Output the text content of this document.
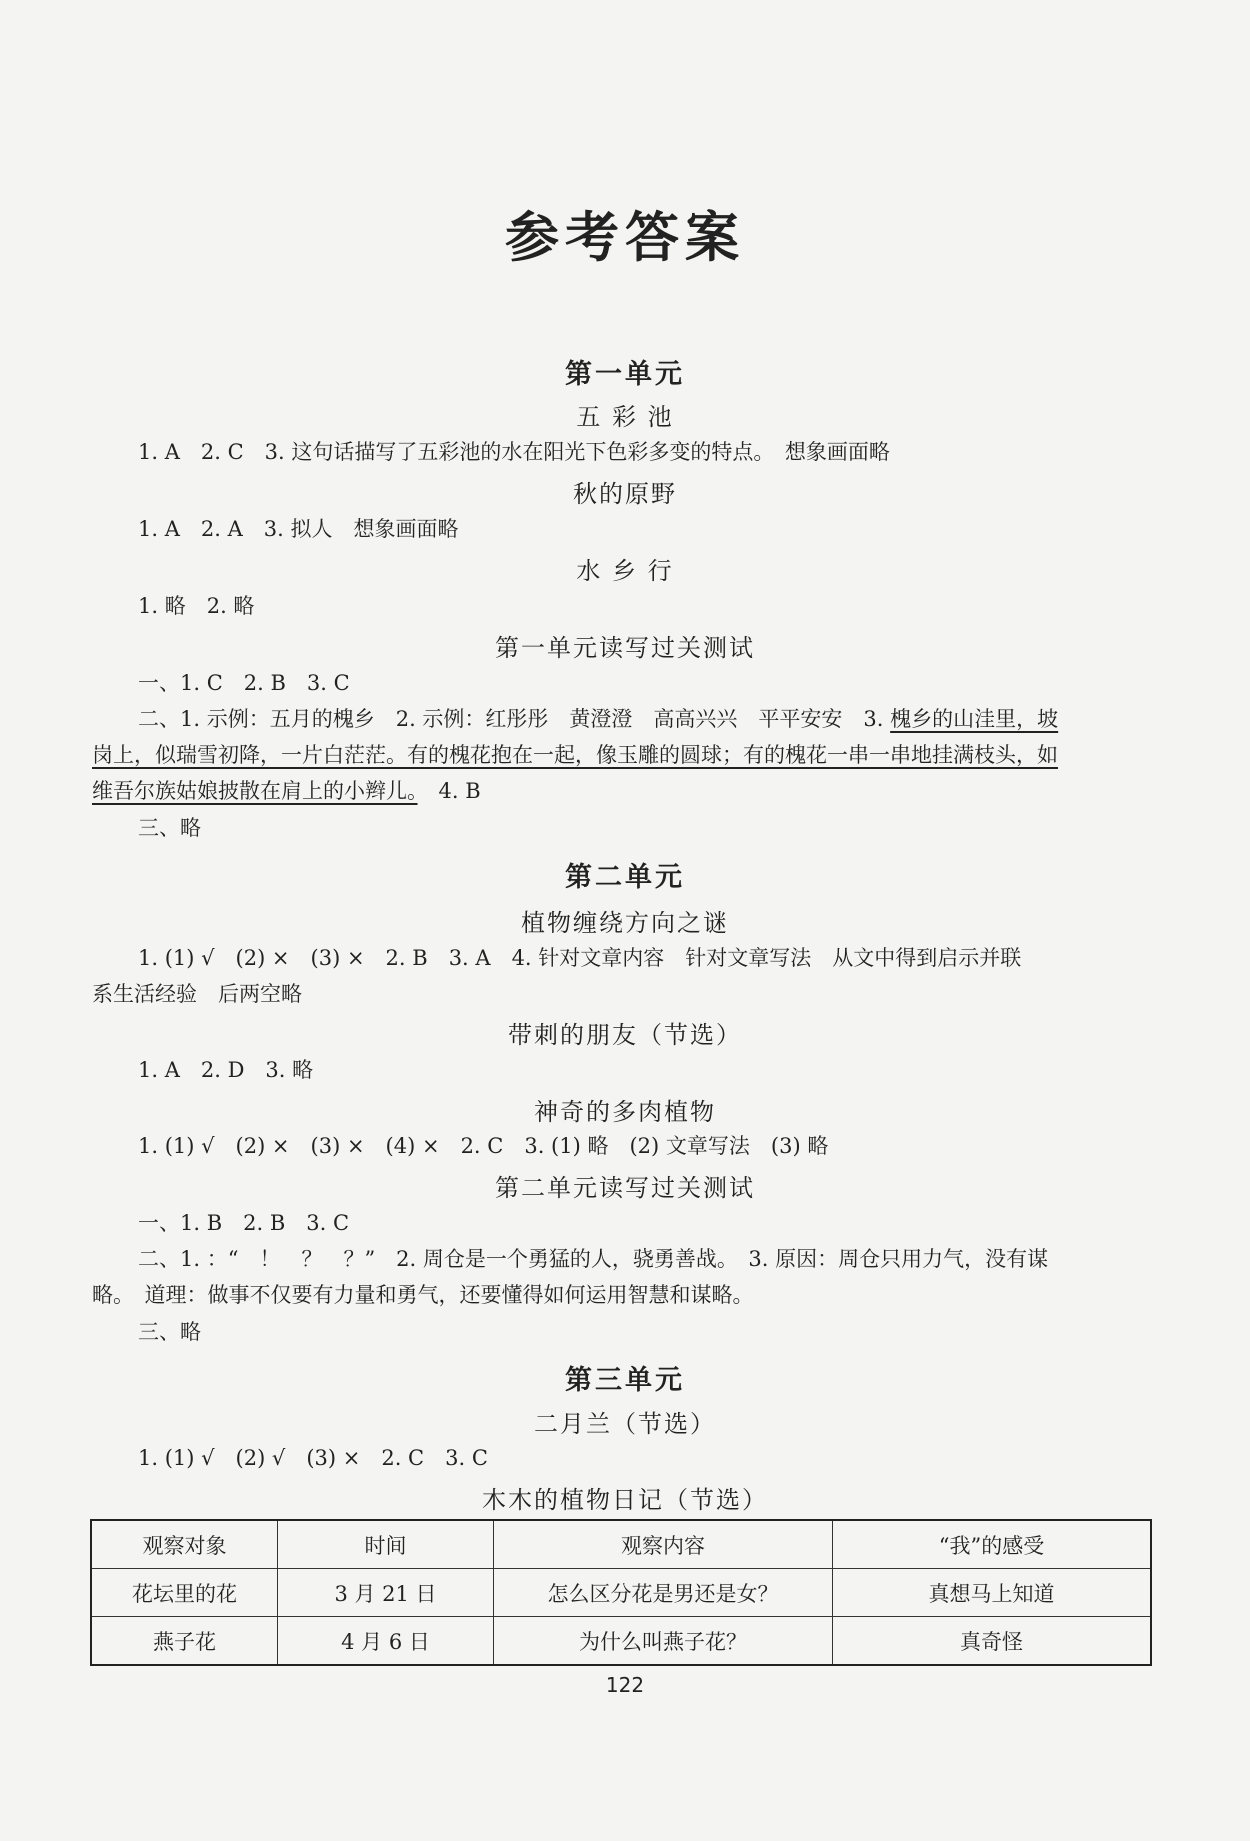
参考答案
第一单元
五 彩 池
1. A　2. C　3. 这句话描写了五彩池的水在阳光下色彩多变的特点。　想象画面略
秋的原野
1. A　2. A　3. 拟人　想象画面略
水 乡 行
1. 略　2. 略
第一单元读写过关测试
一、1. C　2. B　3. C
二、1. 示例：五月的槐乡　2. 示例：红彤彤　黄澄澄　高高兴兴　平平安安　3. 槐乡的山洼里，坡
岗上，似瑞雪初降，一片白茫茫。有的槐花抱在一起，像玉雕的圆球；有的槐花一串一串地挂满枝头，如
维吾尔族姑娘披散在肩上的小辫儿。　4. B
三、略
第二单元
植物缠绕方向之谜
1. (1) √　(2) ×　(3) ×　2. B　3. A　4. 针对文章内容　针对文章写法　从文中得到启示并联
系生活经验　后两空略
带刺的朋友（节选）
1. A　2. D　3. 略
神奇的多肉植物
1. (1) √　(2) ×　(3) ×　(4) ×　2. C　3. (1) 略　(2) 文章写法　(3) 略
第二单元读写过关测试
一、1. B　2. B　3. C
二、1. ：“　！　？　？”　2. 周仓是一个勇猛的人，骁勇善战。　3. 原因：周仓只用力气，没有谋
略。　道理：做事不仅要有力量和勇气，还要懂得如何运用智慧和谋略。
三、略
第三单元
二月兰（节选）
1. (1) √　(2) √　(3) ×　2. C　3. C
木木的植物日记（节选）
观察对象	时间	观察内容	“我”的感受
花坛里的花	3 月 21 日	怎么区分花是男还是女？	真想马上知道
燕子花	4 月 6 日	为什么叫燕子花？	真奇怪
122
